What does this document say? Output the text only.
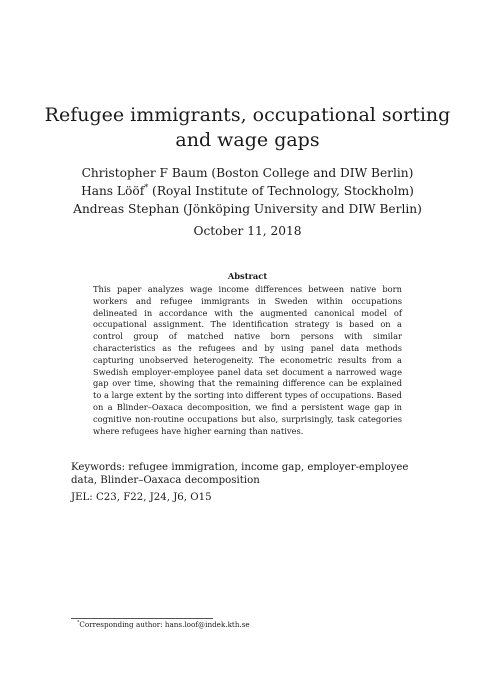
Refugee immigrants, occupational sorting and wage gaps
Christopher F Baum (Boston College and DIW Berlin)
Hans Lööf* (Royal Institute of Technology, Stockholm)
Andreas Stephan (Jönköping University and DIW Berlin)
October 11, 2018
Abstract

This paper analyzes wage income differences between native born workers and refugee immigrants in Sweden within occupations delineated in accordance with the augmented canonical model of occupational assignment. The identification strategy is based on a control group of matched native born persons with similar characteristics as the refugees and by using panel data methods capturing unobserved heterogeneity. The econometric results from a Swedish employer-employee panel data set document a narrowed wage gap over time, showing that the remaining difference can be explained to a large extent by the sorting into different types of occupations. Based on a Blinder–Oaxaca decomposition, we find a persistent wage gap in cognitive non-routine occupations but also, surprisingly, task categories where refugees have higher earning than natives.

Keywords: refugee immigration, income gap, employer-employee data, Blinder–Oaxaca decomposition

JEL: C23, F22, J24, J6, O15

*Corresponding author: hans.loof@indek.kth.se
